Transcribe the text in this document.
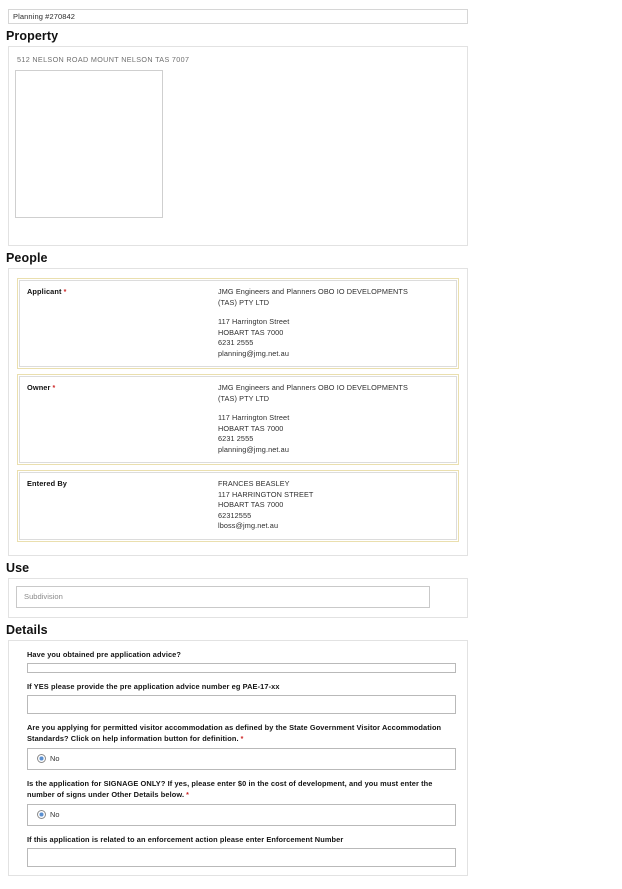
Planning #270842
Property
512 NELSON ROAD MOUNT NELSON TAS 7007
People
Applicant *	JMG Engineers and Planners OBO IO DEVELOPMENTS
(TAS) PTY LTD
117 Harrington Street
HOBART TAS 7000
6231 2555
planning@jmg.net.au
Owner *	JMG Engineers and Planners OBO IO DEVELOPMENTS
(TAS) PTY LTD
117 Harrington Street
HOBART TAS 7000
6231 2555
planning@jmg.net.au
Entered By	FRANCES BEASLEY
117 HARRINGTON STREET
HOBART TAS 7000
62312555
lboss@jmg.net.au
Use
Subdivision
Details
Have you obtained pre application advice?
If YES please provide the pre application advice number eg PAE-17-xx
Are you applying for permitted visitor accommodation as defined by the State Government Visitor Accommodation Standards? Click on help information button for definition. *
No
Is the application for SIGNAGE ONLY? If yes, please enter $0 in the cost of development, and you must enter the number of signs under Other Details below. *
No
If this application is related to an enforcement action please enter Enforcement Number
